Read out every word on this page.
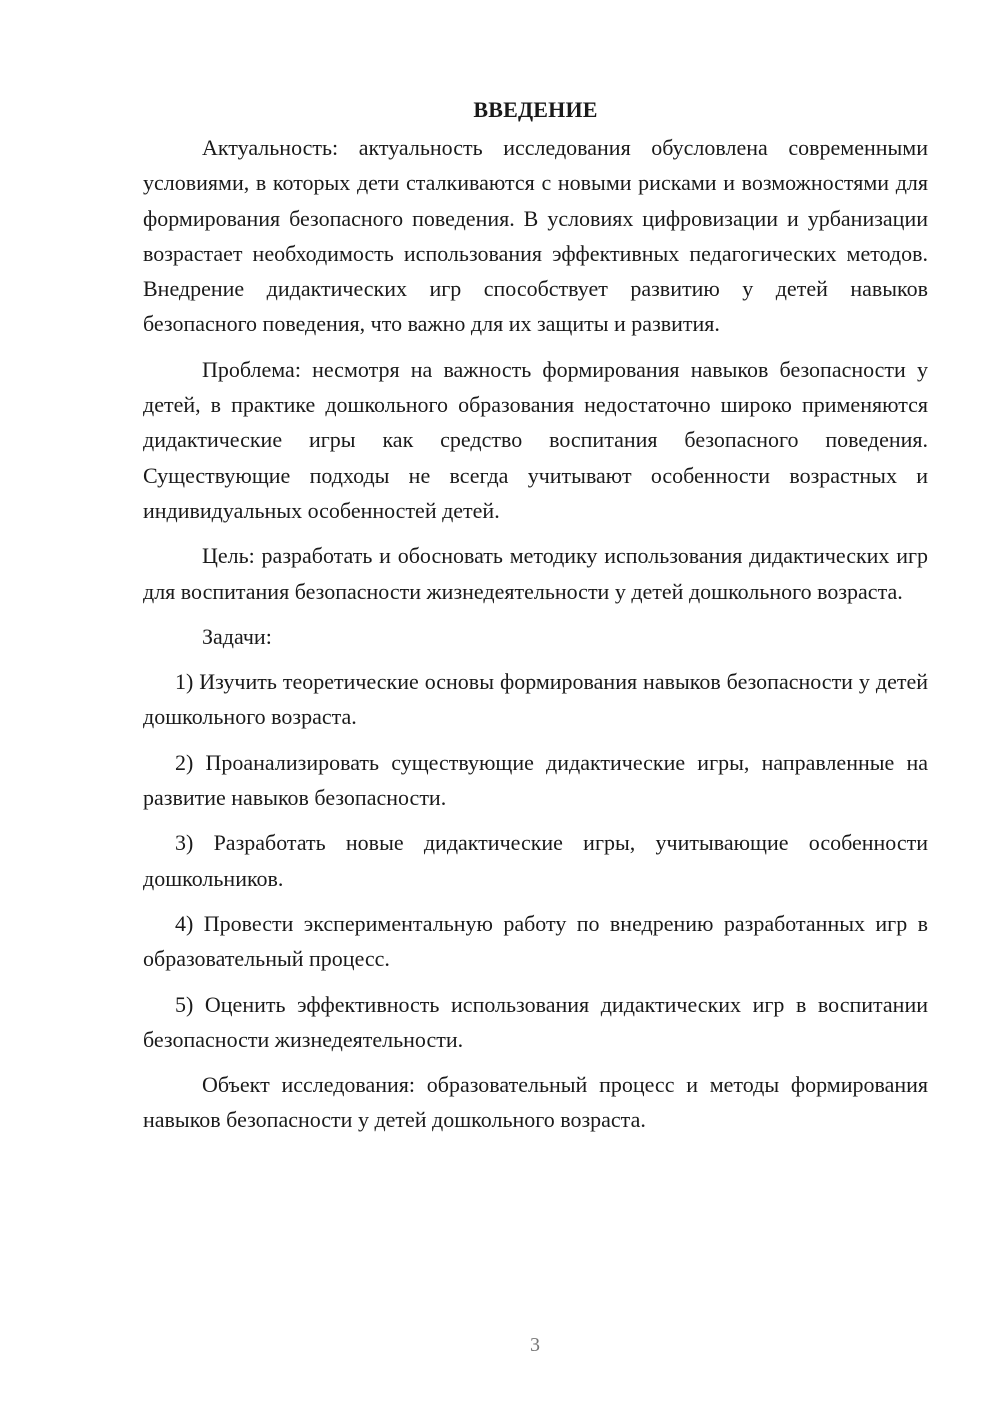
ВВЕДЕНИЕ

Актуальность: актуальность исследования обусловлена современными условиями, в которых дети сталкиваются с новыми рисками и возможностями для формирования безопасного поведения. В условиях цифровизации и урбанизации возрастает необходимость использования эффективных педагогических методов. Внедрение дидактических игр способствует развитию у детей навыков безопасного поведения, что важно для их защиты и развития.

Проблема: несмотря на важность формирования навыков безопасности у детей, в практике дошкольного образования недостаточно широко применяются дидактические игры как средство воспитания безопасного поведения. Существующие подходы не всегда учитывают особенности возрастных и индивидуальных особенностей детей.

Цель: разработать и обосновать методику использования дидактических игр для воспитания безопасности жизнедеятельности у детей дошкольного возраста.

Задачи:

1) Изучить теоретические основы формирования навыков безопасности у детей дошкольного возраста.

2) Проанализировать существующие дидактические игры, направленные на развитие навыков безопасности.

3) Разработать новые дидактические игры, учитывающие особенности дошкольников.

4) Провести экспериментальную работу по внедрению разработанных игр в образовательный процесс.

5) Оценить эффективность использования дидактических игр в воспитании безопасности жизнедеятельности.

Объект исследования: образовательный процесс и методы формирования навыков безопасности у детей дошкольного возраста.

3
